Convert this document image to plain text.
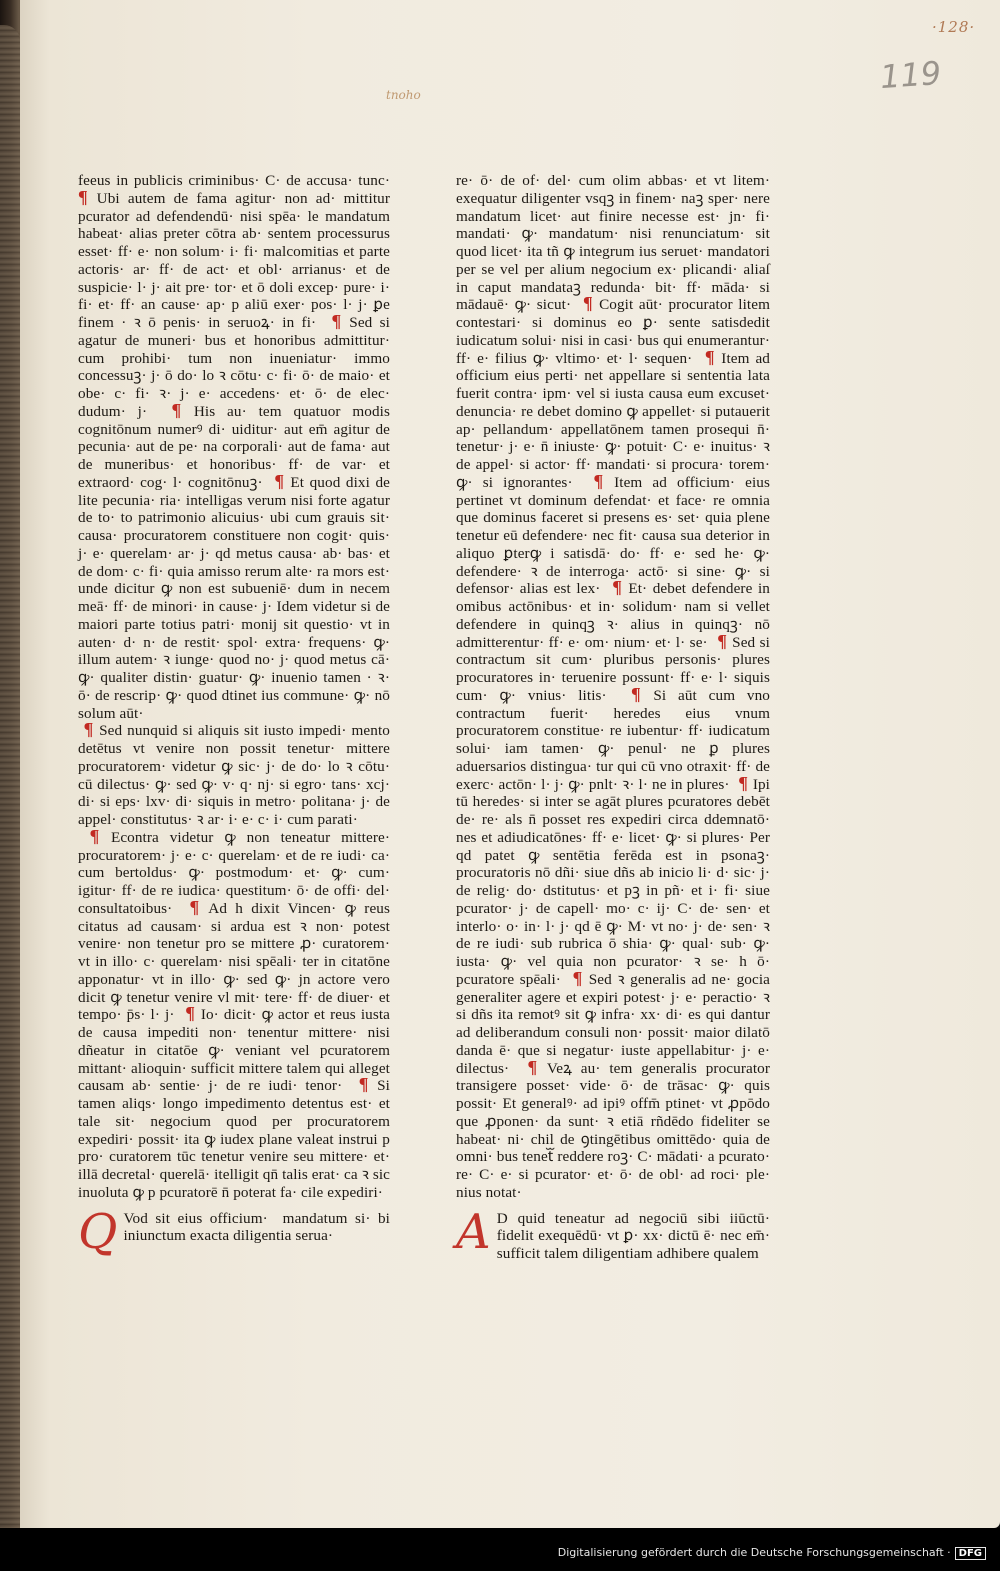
·128·
119
tnoho

feeus in publicis criminibus· C· de accusa· tunc·  ¶ Ubi autem de fama agitur· non ad· mittitur pcurator ad defendendū· nisi spēa· le mandatum habeat· alias preter cōtra ab· sentem processurus esset· ff· e· non solum· i· fi· malcomitias et parte actoris· ar· ff· de act· et obl· arrianus· et de suspicie· l· j· ait pre· tor· et ō doli excep· pure· i· fi· et· ff· an cause· ap· p aliū exer· pos· l· j· ꝑe finem · ꝛ ō penis· in seruoꝝ· in fi·  ¶ Sed si agatur de muneri· bus et honoribus admittitur· cum prohibi· tum non inueniatur· immo concessuꝫ· j· ō do· lo ꝛ cōtu· c· fi· ō· de maio· et obe· c· fi· ꝛ· j· e· accedens· et· ō· de elec· dudum· j·  ¶ His au· tem quatuor modis cognitōnum numerꝰ di· uiditur· aut em̄ agitur de pecunia· aut de pe· na corporali· aut de fama· aut de muneribus· et honoribus· ff· de var· et extraord· cog· l· cognitōnuꝫ·  ¶ Et quod dixi de lite pecunia· ria· intelligas verum nisi forte agatur de to· to patrimonio alicuius· ubi cum grauis sit· causa· procuratorem constituere non cogit· quis· j· e· querelam· ar· j· qd metus causa· ab· bas· et de dom· c· fi· quia amisso rerum alte· ra mors est· unde dicitur ꝙ non est subueniē· dum in necem meā· ff· de minori· in cause· j· Idem videtur si de maiori parte totius patri· monij sit questio· vt in auten· d· n· de restit· spol· extra· frequens· ꝙ· illum autem· ꝛ iunge· quod no· j· quod metus cā· ꝙ· qualiter distin· guatur· ꝙ· inuenio tamen · ꝛ· ō· de rescrip· ꝙ· quod dtinet ius commune· ꝙ· nō solum aūt·

¶ Sed nunquid si aliquis sit iusto impedi· mento detētus vt venire non possit tenetur· mittere procuratorem· videtur ꝙ sic· j· de do· lo ꝛ cōtu· cū dilectus· ꝙ· sed ꝙ· v· q· nj· si egro· tans· xcj· di· si eps· lxv· di· siquis in metro· politana· j· de appel· constitutus· ꝛ ar· i· e· c· i· cum parati·

¶ Econtra videtur ꝙ non teneatur mittere· procuratorem· j· e· c· querelam· et de re iudi· ca· cum bertoldus· ꝙ· postmodum· et· ꝙ· cum· igitur· ff· de re iudica· questitum· ō· de offi· del· consultatoibus·  ¶ Ad h dixit Vincen· ꝙ reus citatus ad causam· si ardua est ꝛ non· potest venire· non tenetur pro se mittere ꝓ· curatorem· vt in illo· c· querelam· nisi spēali· ter in citatōne apponatur· vt in illo· ꝙ· sed ꝙ· jn actore vero dicit ꝙ tenetur venire vl mit· tere· ff· de diuer· et tempo· p̄s· l· j·  ¶ Io· dicit· ꝙ actor et reus iusta de causa impediti non· tenentur mittere· nisi dñeatur in citatōe ꝙ· veniant vel pcuratorem mittant· alioquin· sufficit mittere talem qui alleget causam ab· sentie· j· de re iudi· tenor·  ¶ Si tamen aliqs· longo impedimento detentus est· et tale sit· negocium quod per procuratorem expediri· possit· ita ꝙ iudex plane valeat instrui p pro· curatorem tūc tenetur venire seu mittere· et· illā decretal· querelā· itelligit qn̄ talis erat· ca ꝛ sic inuoluta ꝙ p pcuratorē n̄ poterat fa· cile expediri·

Q Vod sit eius officium·  mandatum si· bi iniunctum exacta diligentia serua·

re· ō· de of· del· cum olim abbas· et vt litem· exequatur diligenter vsqꝫ in finem· naꝫ sper· nere mandatum licet· aut finire necesse est· jn· fi· mandati· ꝙ· mandatum· nisi renunciatum· sit quod licet· ita tñ ꝙ integrum ius seruet· mandatori per se vel per alium negocium ex· plicandi· aliaſ in caput mandataꝫ redunda· bit· ff· māda· si mādauē· ꝙ· sicut·  ¶ Cogit aūt· procurator litem contestari· si dominus eo ꝑ· sente satisdedit iudicatum solui· nisi in casi· bus qui enumerantur· ff· e· filius ꝙ· vltimo· et· l· sequen·  ¶ Item ad officium eius perti· net appellare si sententia lata fuerit contra· ipm· vel si iusta causa eum excuset· denuncia· re debet domino ꝙ appellet· si putauerit ap· pellandum· appellatōnem tamen prosequi n̄· tenetur· j· e· n̄ iniuste· ꝙ· potuit· C· e· inuitus· ꝛ de appel· si actor· ff· mandati· si procura· torem· ꝙ· si ignorantes·  ¶ Item ad officium· eius pertinet vt dominum defendat· et face· re omnia que dominus faceret si presens es· set· quia plene tenetur eū defendere· nec fit· causa sua deterior in aliquo ꝑterꝙ i satisdā· do· ff· e· sed he· ꝙ· defendere· ꝛ de interroga· actō· si sine· ꝙ· si defensor· alias est lex·  ¶ Et· debet defendere in omibus actōnibus· et in· solidum· nam si vellet defendere in quinqꝫ ꝛ· alius in quinqꝫ· nō admitterentur· ff· e· om· nium· et· l· se·  ¶ Sed si contractum sit cum· pluribus personis· plures procuratores in· teruenire possunt· ff· e· l· siquis cum· ꝙ· vnius· litis·  ¶ Si aūt cum vno contractum fuerit· heredes eius vnum procuratorem constitue· re iubentur· ff· iudicatum solui· iam tamen· ꝙ· penul· ne ꝑ plures aduersarios distingua· tur qui cū vno otraxit· ff· de exerc· actōn· l· j· ꝙ· pnlt· ꝛ· l· ne in plures·  ¶ Ipi tū heredes· si inter se agāt plures pcuratores debēt de· re· als n̄ posset res expediri circa ddemnatō· nes et adiudicatōnes· ff· e· licet· ꝙ· si plures· Per qd patet ꝙ sentētia ferēda est in psonaꝫ· procuratoris nō dñi· siue dñs ab inicio li· d· sic· j· de relig· do· dstitutus· et pꝫ in pñ· et i· fi· siue pcurator· j· de capell· mo· c· ij· C· de· sen· et interlo· o· in· l· j· qd ē ꝙ· M· vt no· j· de· sen· ꝛ de re iudi· sub rubrica ō shia· ꝙ· qual· sub· ꝙ· iusta· ꝙ· vel quia non pcurator· ꝛ se· h ō· pcuratore spēali·  ¶ Sed ꝛ generalis ad ne· gocia generaliter agere et expiri potest· j· e· peractio· ꝛ si dñs ita remotꝰ sit ꝙ infra· xx· di· es qui dantur ad deliberandum consuli non· possit· maior dilatō danda ē· que si negatur· iuste appellabitur· j· e· dilectus·  ¶ Veꝝ au· tem generalis procurator transigere posset· vide· ō· de trāsac· ꝙ· quis possit· Et generalꝰ· ad ipiꝰ offm̄ ptinet· vt ꝓpōdo que ꝓponen· da sunt· ꝛ etiā rñdēdo fideliter se habeat· ni· chil de ꝯtingētibus omittēdo· quia de omni· bus tenetᷓ reddere roꝫ· C· mādati· a pcurato· re· C· e· si pcurator· et· ō· de obl· ad roci· ple· nius notat·

A D quid teneatur ad negociū sibi iiūctū· fidelit exequēdū· vt ꝑ· xx· dictū ē· nec em̄· sufficit talem diligentiam adhibere qualem

Digitalisierung gefördert durch die Deutsche Forschungsgemeinschaft · DFG
